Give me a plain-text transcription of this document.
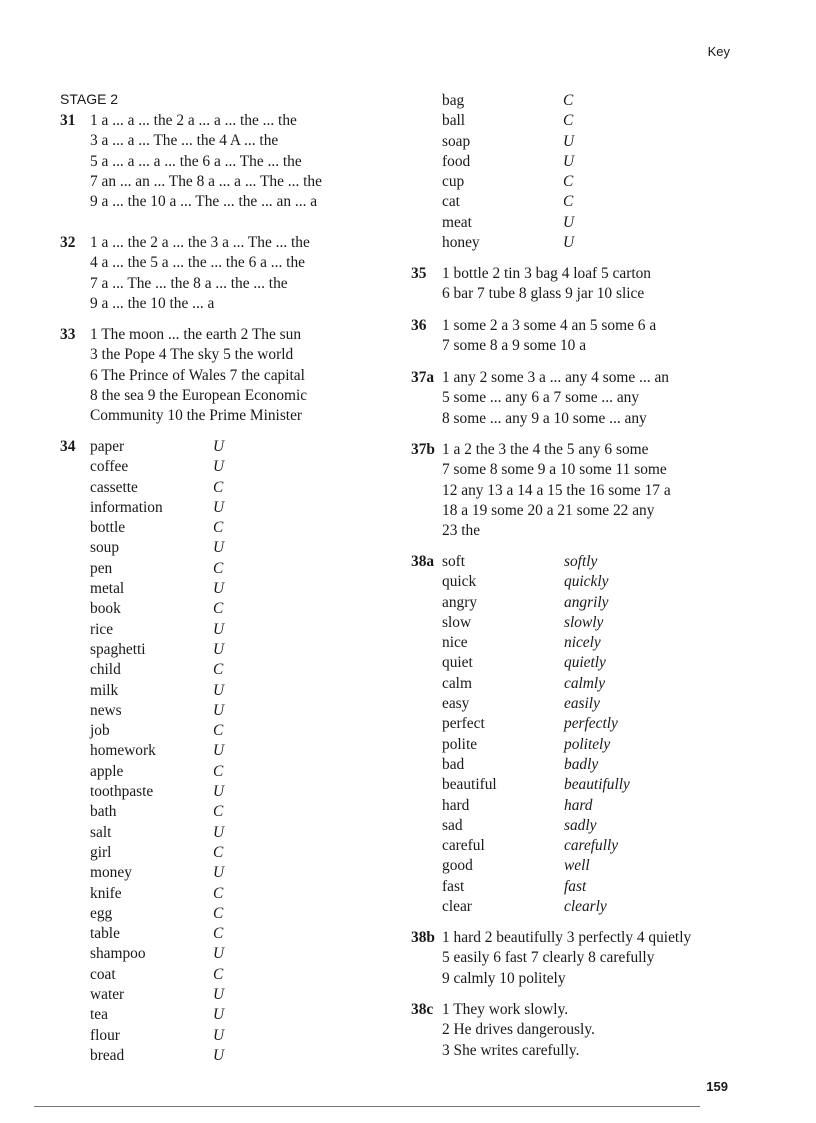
Key
STAGE 2
31 1 a ... a ... the 2 a ... a ... the ... the
3 a ... a ... The ... the 4 A ... the
5 a ... a ... a ... the 6 a ... The ... the
7 an ... an ... The 8 a ... a ... The ... the
9 a ... the 10 a ... The ... the ... an ... a
32 1 a ... the 2 a ... the 3 a ... The ... the
4 a ... the 5 a ... the ... the 6 a ... the
7 a ... The ... the 8 a ... the ... the
9 a ... the 10 the ... a
33 1 The moon ... the earth 2 The sun
3 the Pope 4 The sky 5 the world
6 The Prince of Wales 7 the capital
8 the sea 9 the European Economic
Community 10 the Prime Minister
34 paper	U
coffee	U
cassette	C
information	U
bottle	C
soup	U
pen	C
metal	U
book	C
rice	U
spaghetti	U
child	C
milk	U
news	U
job	C
homework	U
apple	C
toothpaste	U
bath	C
salt	U
girl	C
money	U
knife	C
egg	C
table	C
shampoo	U
coat	C
water	U
tea	U
flour	U
bread	U
bag	C
ball	C
soap	U
food	U
cup	C
cat	C
meat	U
honey	U
35 1 bottle 2 tin 3 bag 4 loaf 5 carton
6 bar 7 tube 8 glass 9 jar 10 slice
36 1 some 2 a 3 some 4 an 5 some 6 a
7 some 8 a 9 some 10 a
37a 1 any 2 some 3 a ... any 4 some ... an
5 some ... any 6 a 7 some ... any
8 some ... any 9 a 10 some ... any
37b 1 a 2 the 3 the 4 the 5 any 6 some
7 some 8 some 9 a 10 some 11 some
12 any 13 a 14 a 15 the 16 some 17 a
18 a 19 some 20 a 21 some 22 any
23 the
38a soft	softly
quick	quickly
angry	angrily
slow	slowly
nice	nicely
quiet	quietly
calm	calmly
easy	easily
perfect	perfectly
polite	politely
bad	badly
beautiful	beautifully
hard	hard
sad	sadly
careful	carefully
good	well
fast	fast
clear	clearly
38b 1 hard 2 beautifully 3 perfectly 4 quietly
5 easily 6 fast 7 clearly 8 carefully
9 calmly 10 politely
38c 1 They work slowly.
2 He drives dangerously.
3 She writes carefully.
159
